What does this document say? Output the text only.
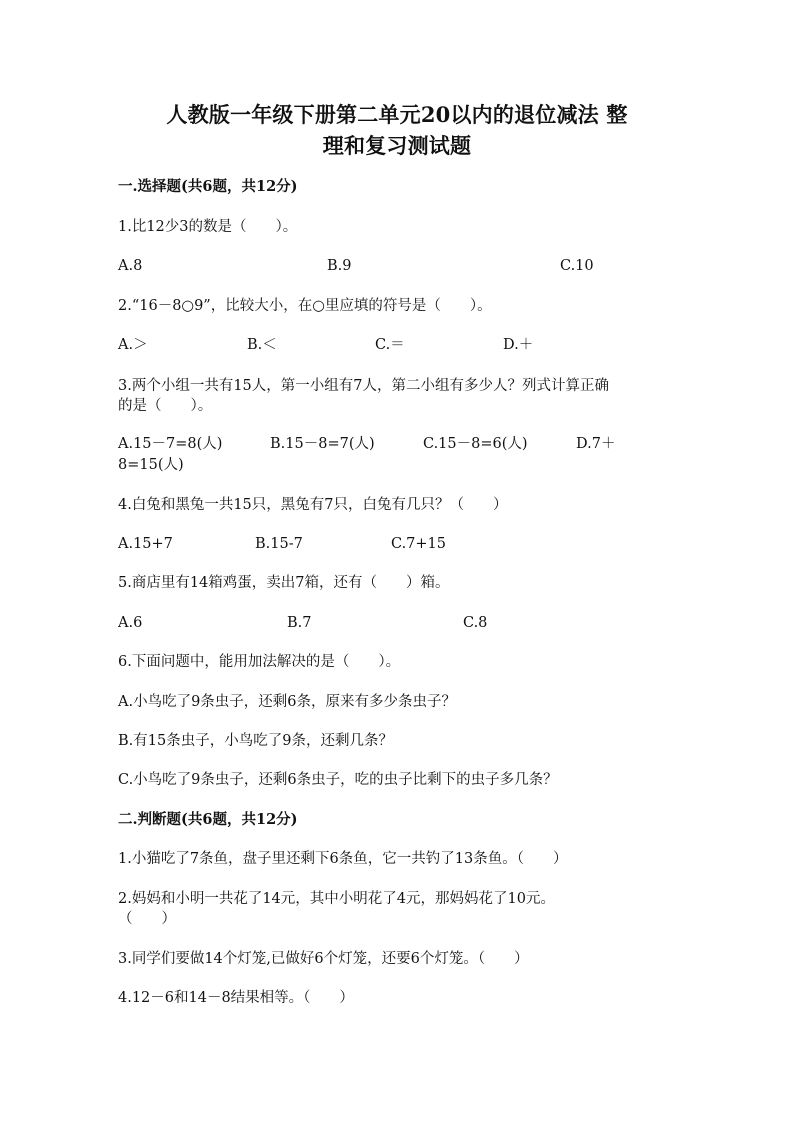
人教版一年级下册第二单元20以内的退位减法 整
理和复习测试题
一.选择题(共6题，共12分)
1.比12少3的数是（　　）。
A.8	B.9	C.10
2.“16－8○9”，比较大小，在○里应填的符号是（　　）。
A.＞	B.＜	C.＝	D.＋
3.两个小组一共有15人，第一小组有7人，第二小组有多少人？列式计算正确
的是（　　）。
A.15－7=8(人)	B.15－8=7(人)	C.15－8=6(人)	D.7＋
8=15(人)
4.白兔和黑兔一共15只，黑兔有7只，白兔有几只？（　　）
A.15+7	B.15-7	C.7+15
5.商店里有14箱鸡蛋，卖出7箱，还有（　　）箱。
A.6	B.7	C.8
6.下面问题中，能用加法解决的是（　　）。
A.小鸟吃了9条虫子，还剩6条，原来有多少条虫子？
B.有15条虫子，小鸟吃了9条，还剩几条？
C.小鸟吃了9条虫子，还剩6条虫子，吃的虫子比剩下的虫子多几条？
二.判断题(共6题，共12分)
1.小猫吃了7条鱼，盘子里还剩下6条鱼，它一共钓了13条鱼。（　　）
2.妈妈和小明一共花了14元，其中小明花了4元，那妈妈花了10元。
（　　）
3.同学们要做14个灯笼,已做好6个灯笼，还要6个灯笼。（　　）
4.12－6和14－8结果相等。（　　）
